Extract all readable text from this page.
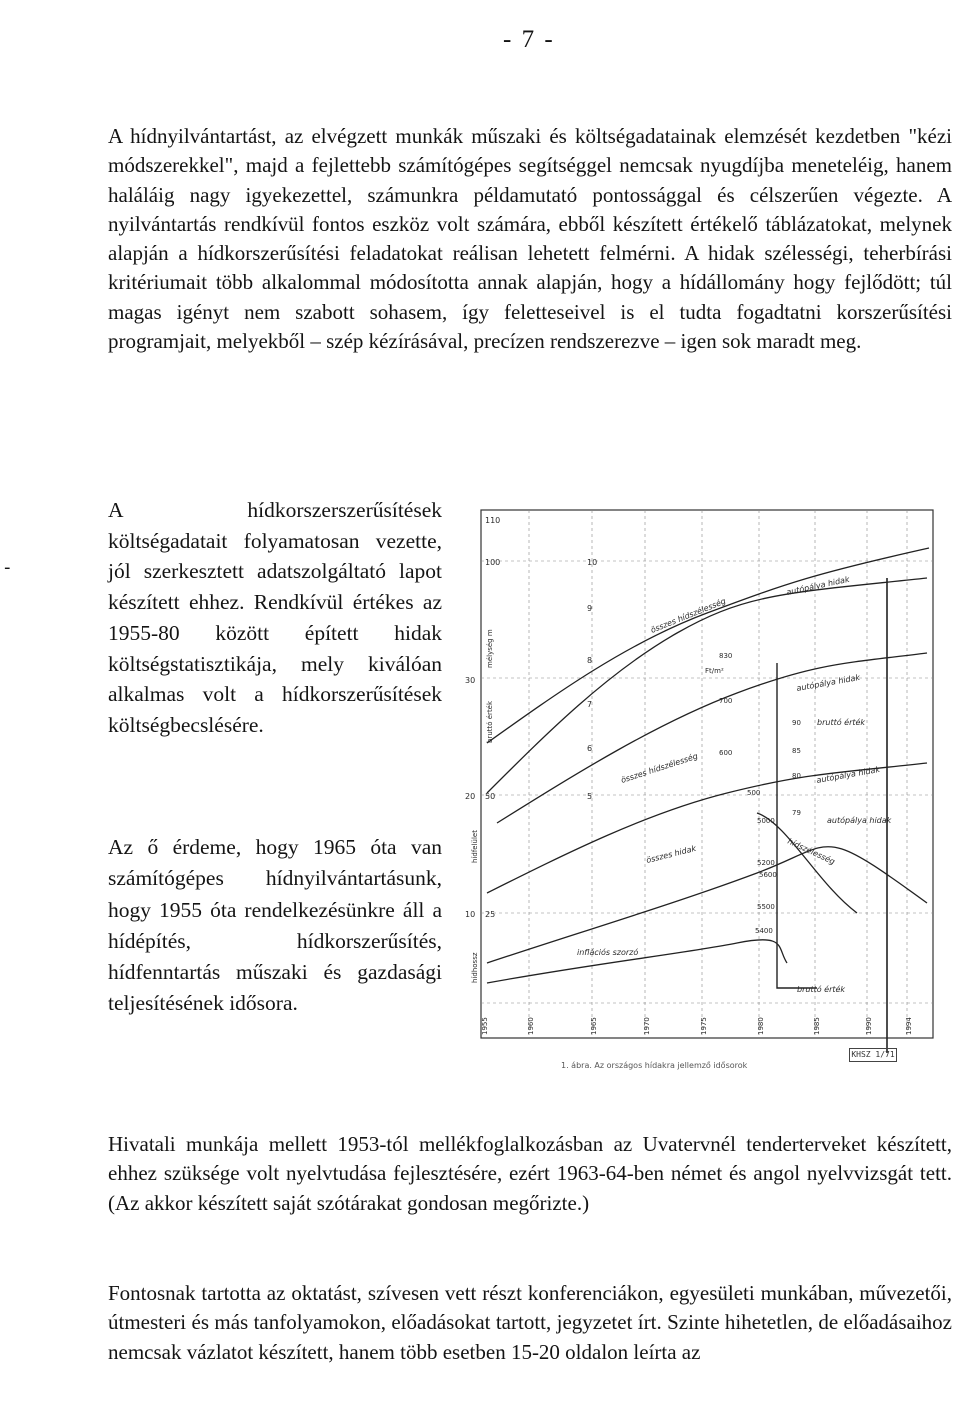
- 7 -
-

A hídnyilvántartást, az elvégzett munkák műszaki és költségadatainak elemzését kezdetben "kézi módszerekkel", majd a fejlettebb számítógépes segítséggel nemcsak nyugdíjba meneteléig, hanem haláláig nagy igyekezettel, számunkra példamutató pontossággal és célszerűen végezte. A nyilvántartás rendkívül fontos eszköz volt számára, ebből készített értékelő táblázatokat, melynek alapján a hídkorszerűsítési feladatokat reálisan lehetett felmérni. A hidak szélességi, teherbírási kritériumait több alkalommal módosította annak alapján, hogy a hídállomány hogy fejlődött; túl magas igényt nem szabott sohasem, így feletteseivel is el tudta fogadtatni korszerűsítési programjait, melyekből – szép kézírásával, precízen rendszerezve – igen sok maradt meg.

A hídkorszerszerűsítések költségadatait folyamatosan vezette, jól szerkesztett adatszolgáltató lapot készített ehhez. Rendkívül értékes az 1955-80 között épített hidak költségstatisztikája, mely kiválóan alkalmas volt a hídkorszerűsítések költségbecslésére.

Az ő érdeme, hogy 1965 óta van számítógépes hídnyilvántartásunk, hogy 1955 óta rendelkezésünkre áll a hídépítés, hídkorszerűsítés, hídfenntartás műszaki és gazdasági teljesítésének idősora.

110
100
30
20
10
50
25
10
9
8
7
6
5
mélység m
bruttó érték
hídfelület
hídhossz
1955	1960	1965	1970	1975	1980	1985	1990	1994
autópálya hidak
összes hídszélesség
autópálya hidak
bruttó érték
összes hídszélesség	autópálya hidak
összes hidak
inflációs szorzó
bruttó érték
hídszélesség
autópálya hidak
830
Ft/m²
700
600
500
5600
5400
5200
90
85
80
79
5000
5500
KHSZ 1/71
1. ábra. Az országos hídakra jellemző idősorok

Hivatali munkája mellett 1953-tól mellékfoglalkozásban az Uvatervnél tenderterveket készített, ehhez szüksége volt nyelvtudása fejlesztésére, ezért 1963-64-ben német és angol nyelvvizsgát tett. (Az akkor készített saját szótárakat gondosan megőrizte.)

Fontosnak tartotta az oktatást, szívesen vett részt konferenciákon, egyesületi munkában, művezetői, útmesteri és más tanfolyamokon, előadásokat tartott, jegyzetet írt. Szinte hihetetlen, de előadásaihoz nemcsak vázlatot készített, hanem több esetben 15-20 oldalon leírta az
